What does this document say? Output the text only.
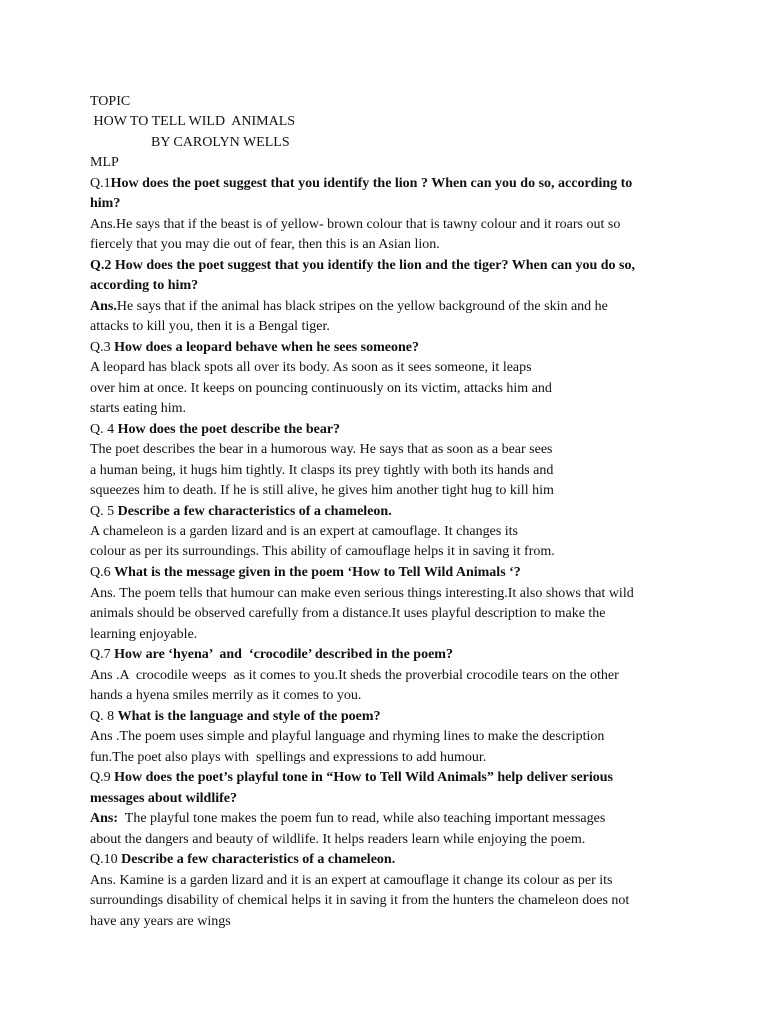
TOPIC
HOW TO TELL WILD  ANIMALS
BY CAROLYN WELLS
MLP
Q.1How does the poet suggest that you identify the lion ? When can you do so, according to
him?
Ans.He says that if the beast is of yellow- brown colour that is tawny colour and it roars out so
fiercely that you may die out of fear, then this is an Asian lion.
Q.2 How does the poet suggest that you identify the lion and the tiger? When can you do so,
according to him?
Ans.He says that if the animal has black stripes on the yellow background of the skin and he
attacks to kill you, then it is a Bengal tiger.
Q.3 How does a leopard behave when he sees someone?
A leopard has black spots all over its body. As soon as it sees someone, it leaps
over him at once. It keeps on pouncing continuously on its victim, attacks him and
starts eating him.
Q. 4 How does the poet describe the bear?
The poet describes the bear in a humorous way. He says that as soon as a bear sees
a human being, it hugs him tightly. It clasps its prey tightly with both its hands and
squeezes him to death. If he is still alive, he gives him another tight hug to kill him
Q. 5 Describe a few characteristics of a chameleon.
A chameleon is a garden lizard and is an expert at camouflage. It changes its
colour as per its surroundings. This ability of camouflage helps it in saving it from.
Q.6 What is the message given in the poem ‘How to Tell Wild Animals ‘?
Ans. The poem tells that humour can make even serious things interesting.It also shows that wild
animals should be observed carefully from a distance.It uses playful description to make the
learning enjoyable.
Q.7 How are ‘hyena’  and  ‘crocodile’ described in the poem?
Ans .A  crocodile weeps  as it comes to you.It sheds the proverbial crocodile tears on the other
hands a hyena smiles merrily as it comes to you.
Q. 8 What is the language and style of the poem?
Ans .The poem uses simple and playful language and rhyming lines to make the description
fun.The poet also plays with  spellings and expressions to add humour.
Q.9 How does the poet’s playful tone in “How to Tell Wild Animals” help deliver serious
messages about wildlife?
Ans:  The playful tone makes the poem fun to read, while also teaching important messages
about the dangers and beauty of wildlife. It helps readers learn while enjoying the poem.
Q.10 Describe a few characteristics of a chameleon.
Ans. Kamine is a garden lizard and it is an expert at camouflage it change its colour as per its
surroundings disability of chemical helps it in saving it from the hunters the chameleon does not
have any years are wings
